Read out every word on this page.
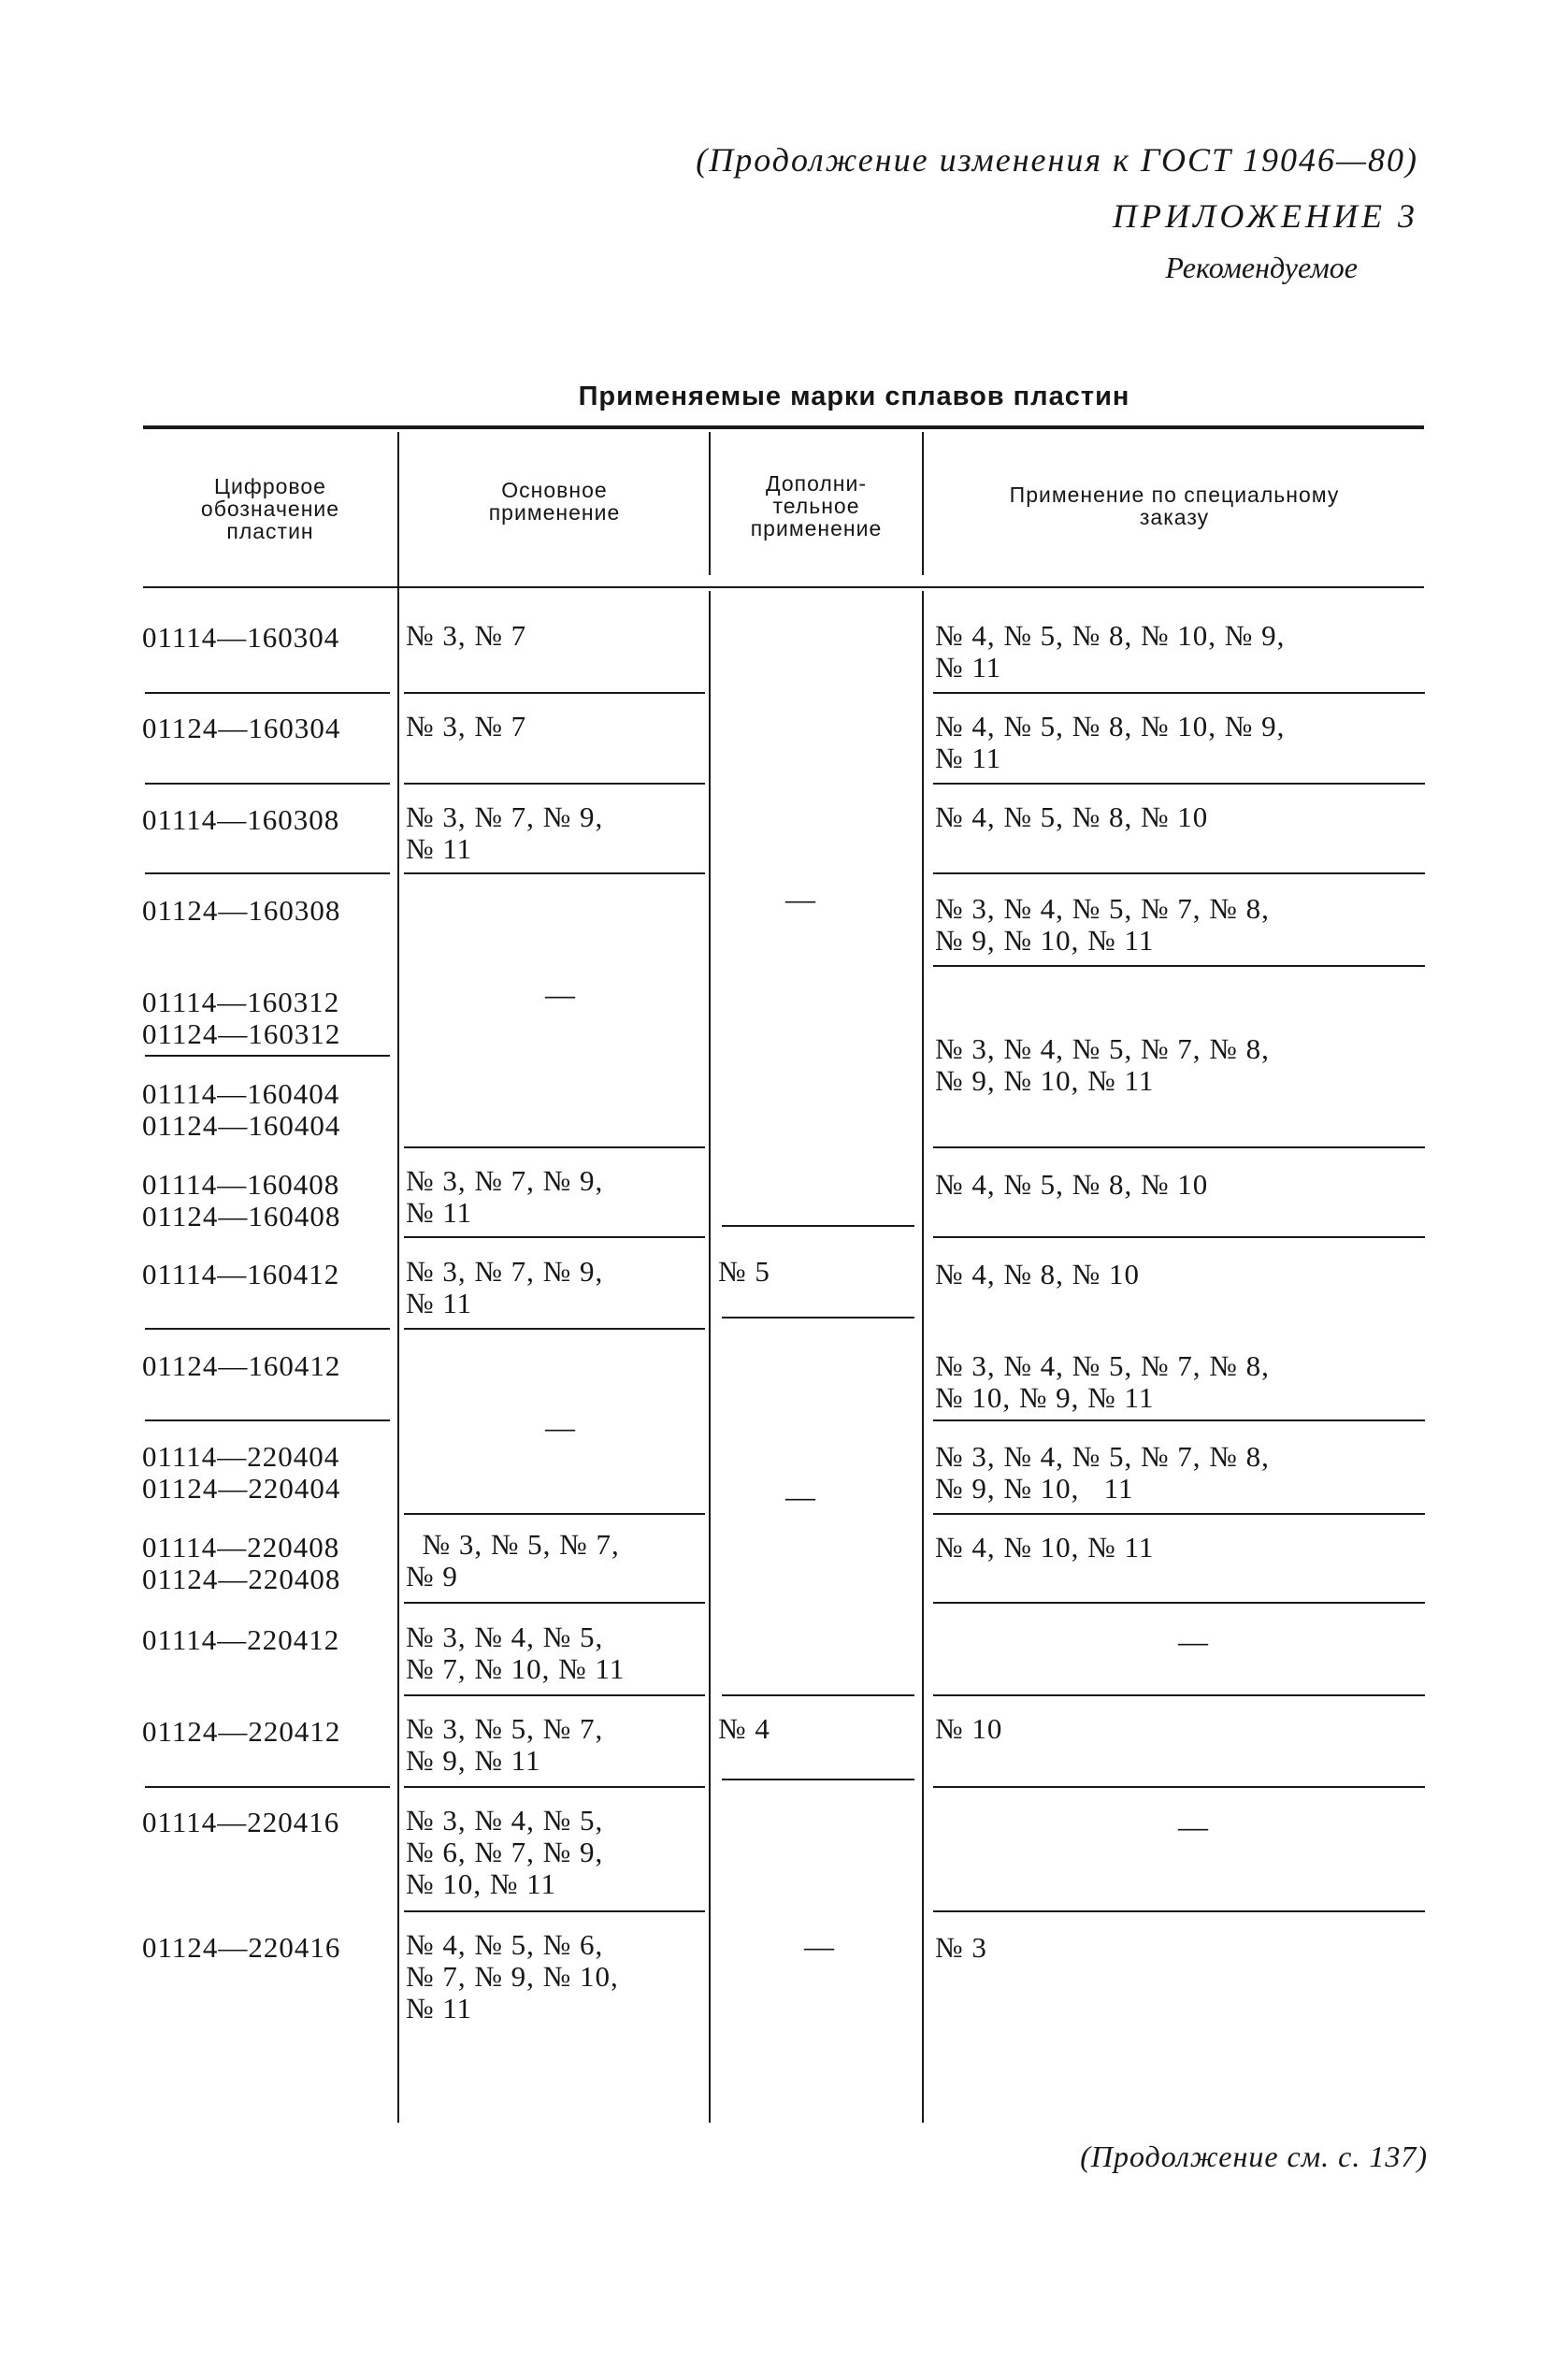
(Продолжение изменения к ГОСТ 19046—80)
ПРИЛОЖЕНИЕ 3
Рекомендуемое
Применяемые марки сплавов пластин
Цифровое
обозначение
пластин
Основное
применение
Дополни-
тельное
применение
Применение по специальному
заказу
01114—160304
01124—160304
01114—160308
01124—160308
01114—160312
01124—160312
01114—160404
01124—160404
01114—160408
01124—160408
01114—160412
01124—160412
01114—220404
01124—220404
01114—220408
01124—220408
01114—220412
01124—220412
01114—220416
01124—220416
№ 3, № 7
№ 3, № 7
№ 3, № 7, № 9,
№ 11
—
№ 3, № 7, № 9,
№ 11
№ 3, № 7, № 9,
№ 11
—
№ 3, № 5, № 7,
№ 9
№ 3, № 4, № 5,
№ 7, № 10, № 11
№ 3, № 5, № 7,
№ 9, № 11
№ 3, № 4, № 5,
№ 6, № 7, № 9,
№ 10, № 11
№ 4, № 5, № 6,
№ 7, № 9, № 10,
№ 11
—
№ 5
—
№ 4
—
№ 4, № 5, № 8, № 10, № 9,
№ 11
№ 4, № 5, № 8, № 10, № 9,
№ 11
№ 4, № 5, № 8, № 10
№ 3, № 4, № 5, № 7, № 8,
№ 9, № 10, № 11
№ 3, № 4, № 5, № 7, № 8,
№ 9, № 10, № 11
№ 4, № 5, № 8, № 10
№ 4, № 8, № 10
№ 3, № 4, № 5, № 7, № 8,
№ 10, № 9, № 11
№ 3, № 4, № 5, № 7, № 8,
№ 9, № 10,   11
№ 4, № 10, № 11
—
№ 10
—
№ 3
(Продолжение см. с. 137)
